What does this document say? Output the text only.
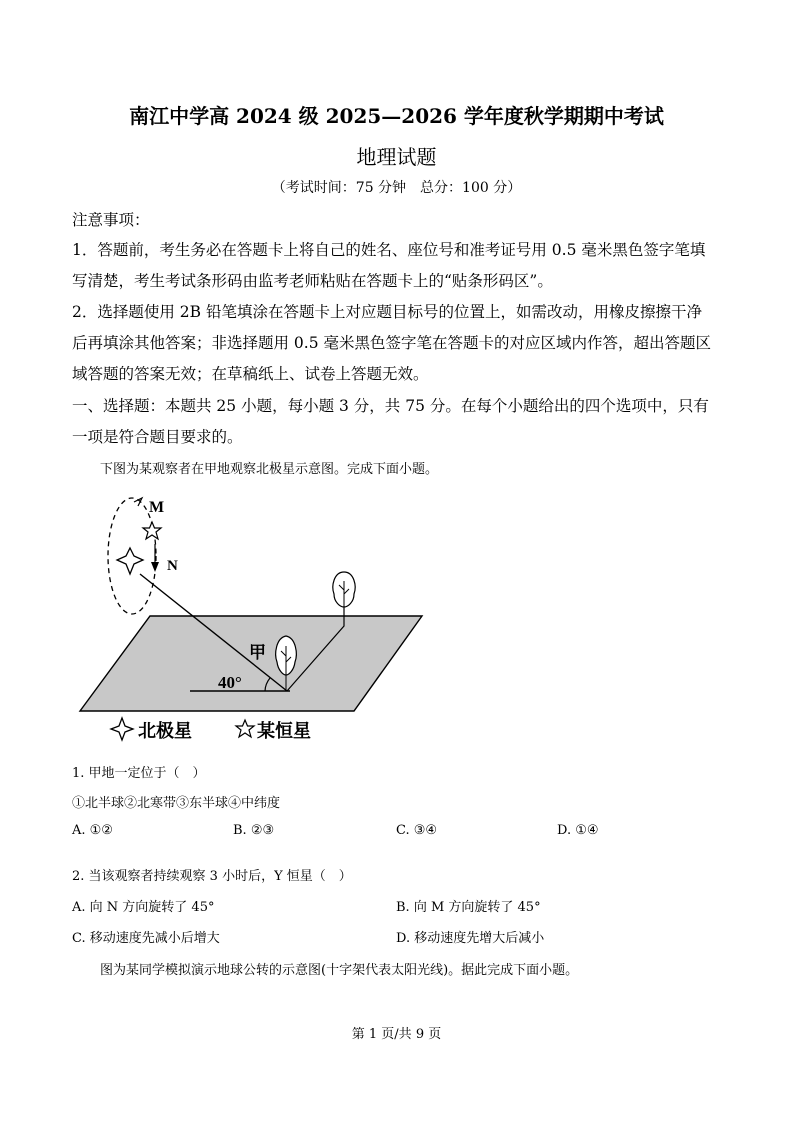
南江中学高 2024 级 2025—2026 学年度秋学期期中考试
地理试题
（考试时间：75 分钟　总分：100 分）
注意事项：
1．答题前，考生务必在答题卡上将自己的姓名、座位号和准考证号用 0.5 毫米黑色签字笔填
写清楚，考生考试条形码由监考老师粘贴在答题卡上的“贴条形码区”。
2．选择题使用 2B 铅笔填涂在答题卡上对应题目标号的位置上，如需改动，用橡皮擦擦干净
后再填涂其他答案；非选择题用 0.5 毫米黑色签字笔在答题卡的对应区域内作答，超出答题区
域答题的答案无效；在草稿纸上、试卷上答题无效。
一、选择题：本题共 25 小题，每小题 3 分，共 75 分。在每个小题给出的四个选项中，只有
一项是符合题目要求的。
下图为某观察者在甲地观察北极星示意图。完成下面小题。
M
N
甲
40°
北极星	某恒星
1. 甲地一定位于（　）
①北半球②北寒带③东半球④中纬度
A. ①②	B. ②③	C. ③④	D. ①④
2. 当该观察者持续观察 3 小时后，Y 恒星（　）
A. 向 N 方向旋转了 45°	B. 向 M 方向旋转了 45°
C. 移动速度先减小后增大	D. 移动速度先增大后减小
图为某同学模拟演示地球公转的示意图(十字架代表太阳光线)。据此完成下面小题。
第 1 页/共 9 页
